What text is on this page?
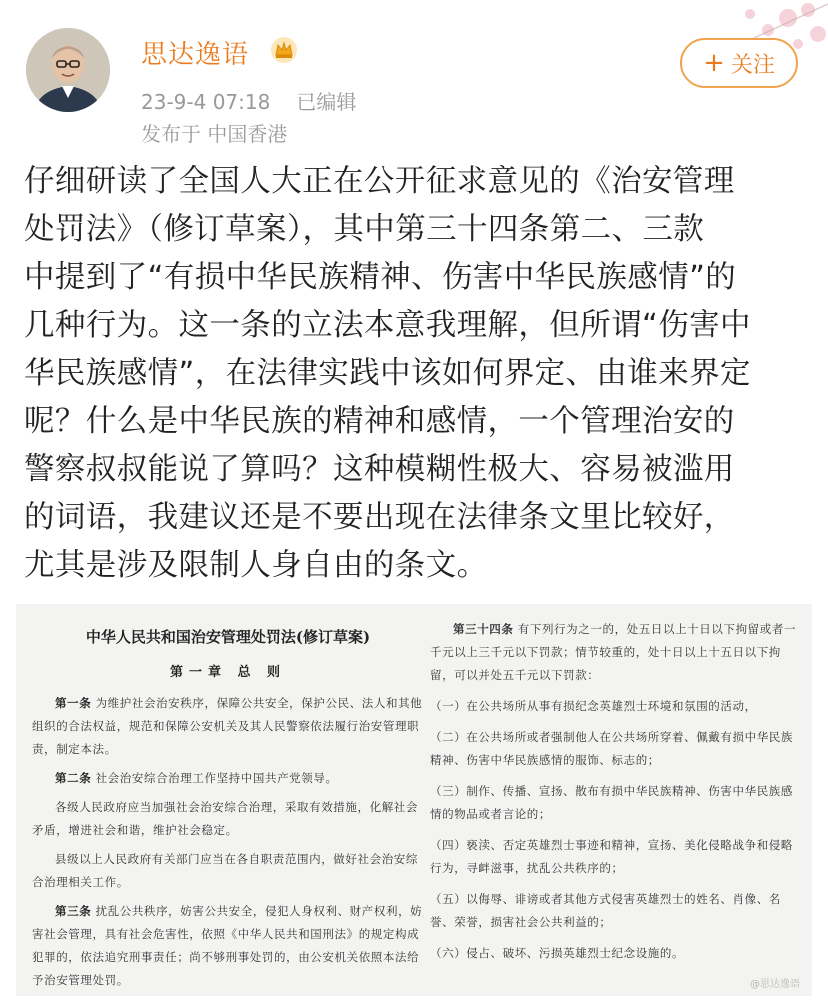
思达逸语
23-9-4 07:18 已编辑
发布于 中国香港
+ 关注
仔细研读了全国人大正在公开征求意见的《治安管理
处罚法》（修订草案），其中第三十四条第二、三款
中提到了“有损中华民族精神、伤害中华民族感情”的
几种行为。这一条的立法本意我理解，但所谓“伤害中
华民族感情”，在法律实践中该如何界定、由谁来界定
呢？什么是中华民族的精神和感情，一个管理治安的
警察叔叔能说了算吗？这种模糊性极大、容易被滥用
的词语，我建议还是不要出现在法律条文里比较好，
尤其是涉及限制人身自由的条文。
中华人民共和国治安管理处罚法(修订草案)
第一章 总 则

第一条 为维护社会治安秩序，保障公共安全，保护公民、法人和其他组织的合法权益，规范和保障公安机关及其人民警察依法履行治安管理职责，制定本法。

第二条 社会治安综合治理工作坚持中国共产党领导。

各级人民政府应当加强社会治安综合治理，采取有效措施，化解社会矛盾，增进社会和谐，维护社会稳定。

县级以上人民政府有关部门应当在各自职责范围内，做好社会治安综合治理相关工作。

第三条 扰乱公共秩序，妨害公共安全，侵犯人身权利、财产权利，妨害社会管理，具有社会危害性，依照《中华人民共和国刑法》的规定构成犯罪的，依法追究刑事责任；尚不够刑事处罚的，由公安机关依照本法给予治安管理处罚。

第三十四条 有下列行为之一的，处五日以上十日以下拘留或者一千元以上三千元以下罚款；情节较重的，处十日以上十五日以下拘留，可以并处五千元以下罚款：
（一）在公共场所从事有损纪念英雄烈士环境和氛围的活动，
（二）在公共场所或者强制他人在公共场所穿着、佩戴有损中华民族精神、伤害中华民族感情的服饰、标志的；
（三）制作、传播、宣扬、散布有损中华民族精神、伤害中华民族感情的物品或者言论的；
（四）亵渎、否定英雄烈士事迹和精神，宣扬、美化侵略战争和侵略行为，寻衅滋事，扰乱公共秩序的；
（五）以侮辱、诽谤或者其他方式侵害英雄烈士的姓名、肖像、名誉、荣誉，损害社会公共利益的；
（六）侵占、破坏、污损英雄烈士纪念设施的。
@思达逸语
